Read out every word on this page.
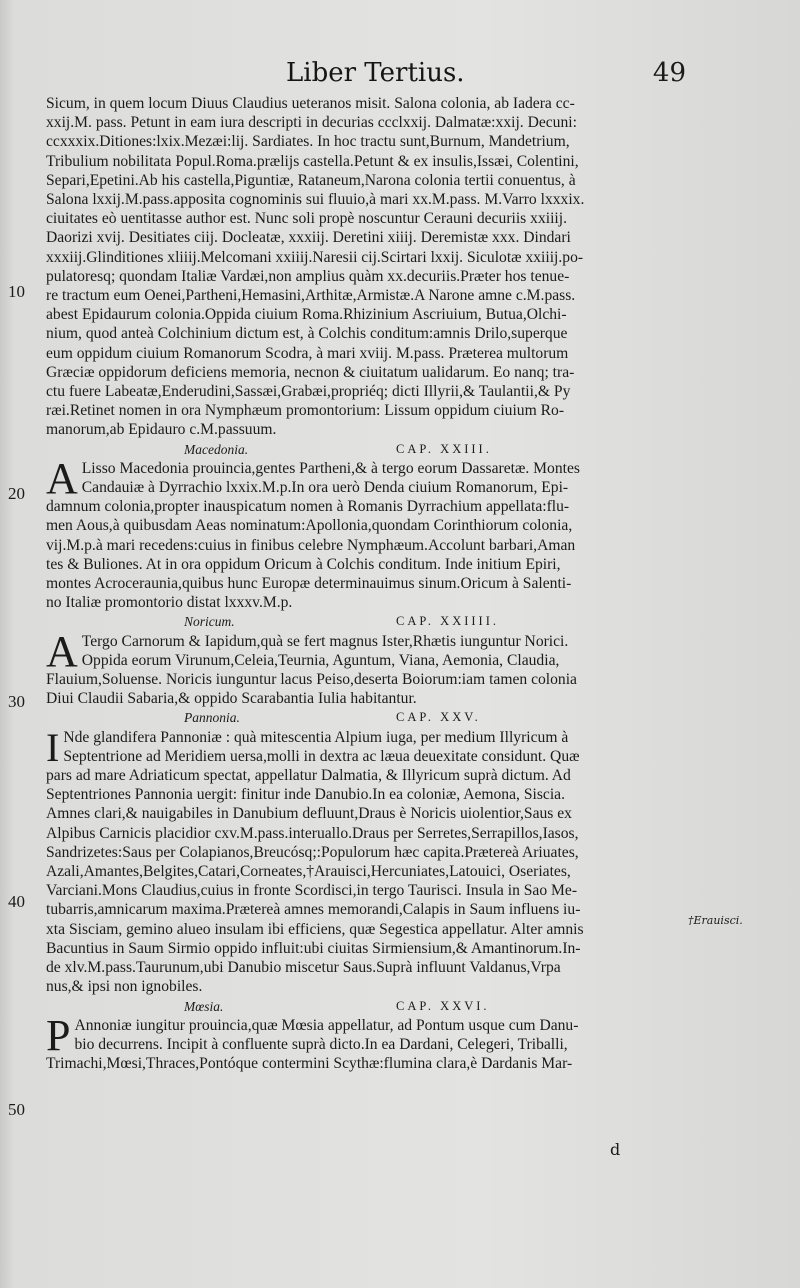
Liber Tertius.	49
10
20
30
40
50
†Erauisci.

Sicum, in quem locum Diuus Claudius ueteranos misit. Salona colonia, ab Iadera cc-
xxij.M. pass. Petunt in eam iura descripti in decurias ccclxxij. Dalmatæ:xxij. Decuni:
ccxxxix.Ditiones:lxix.Mezæi:lij. Sardiates. In hoc tractu sunt,Burnum, Mandetrium,
Tribulium nobilitata Popul.Roma.prælijs castella.Petunt & ex insulis,Issæi, Colentini,
Separi,Epetini.Ab his castella,Piguntiæ, Rataneum,Narona colonia tertii conuentus, à
Salona lxxij.M.pass.apposita cognominis sui fluuio,à mari xx.M.pass. M.Varro lxxxix.
ciuitates eò uentitasse author est. Nunc soli propè noscuntur Cerauni decuriis xxiiij.
Daorizi xvij. Desitiates ciij. Docleatæ, xxxiij. Deretini xiiij. Deremistæ xxx. Dindari
xxxiij.Glinditiones xliiij.Melcomani xxiiij.Naresii cij.Scirtari lxxij. Siculotæ xxiiij.po-
pulatoresq; quondam Italiæ Vardæi,non amplius quàm xx.decuriis.Præter hos tenue-
re tractum eum Oenei,Partheni,Hemasini,Arthitæ,Armistæ.A Narone amne c.M.pass.
abest Epidaurum colonia.Oppida ciuium Roma.Rhizinium Ascriuium, Butua,Olchi-
nium, quod anteà Colchinium dictum est, à Colchis conditum:amnis Drilo,superque
eum oppidum ciuium Romanorum Scodra, à mari xviij. M.pass. Præterea multorum
Græciæ oppidorum deficiens memoria, necnon & ciuitatum ualidarum. Eo nanq; tra-
ctu fuere Labeatæ,Enderudini,Sassæi,Grabæi,propriéq; dicti Illyrii,& Taulantii,& Py
ræi.Retinet nomen in ora Nymphæum promontorium: Lissum oppidum ciuium Ro-
manorum,ab Epidauro c.M.passuum.

Macedonia.	CAP. XXIII.

A Lisso Macedonia prouincia,gentes Partheni,& à tergo eorum Dassaretæ. Montes
Candauiæ à Dyrrachio lxxix.M.p.In ora uerò Denda ciuium Romanorum, Epi-
damnum colonia,propter inauspicatum nomen à Romanis Dyrrachium appellata:flu-
men Aous,à quibusdam Aeas nominatum:Apollonia,quondam Corinthiorum colonia,
vij.M.p.à mari recedens:cuius in finibus celebre Nymphæum.Accolunt barbari,Aman
tes & Buliones. At in ora oppidum Oricum à Colchis conditum. Inde initium Epiri,
montes Acroceraunia,quibus hunc Europæ determinauimus sinum.Oricum à Salenti-
no Italiæ promontorio distat lxxxv.M.p.

Noricum.	CAP. XXIIII.

A Tergo Carnorum & Iapidum,quà se fert magnus Ister,Rhætis iunguntur Norici.
Oppida eorum Virunum,Celeia,Teurnia, Aguntum, Viana, Aemonia, Claudia,
Flauium,Soluense. Noricis iunguntur lacus Peiso,deserta Boiorum:iam tamen colonia
Diui Claudii Sabaria,& oppido Scarabantia Iulia habitantur.

Pannonia.	CAP. XXV.

I Nde glandifera Pannoniæ : quà mitescentia Alpium iuga, per medium Illyricum à
Septentrione ad Meridiem uersa,molli in dextra ac læua deuexitate considunt. Quæ
pars ad mare Adriaticum spectat, appellatur Dalmatia, & Illyricum suprà dictum. Ad
Septentriones Pannonia uergit: finitur inde Danubio.In ea coloniæ, Aemona, Siscia.
Amnes clari,& nauigabiles in Danubium defluunt,Draus è Noricis uiolentior,Saus ex
Alpibus Carnicis placidior cxv.M.pass.interuallo.Draus per Serretes,Serrapillos,Iasos,
Sandrizetes:Saus per Colapianos,Breucósq;:Populorum hæc capita.Prætereà Ariuates,
Azali,Amantes,Belgites,Catari,Corneates,†Arauisci,Hercuniates,Latouici, Oseriates,
Varciani.Mons Claudius,cuius in fronte Scordisci,in tergo Taurisci. Insula in Sao Me-
tubarris,amnicarum maxima.Prætereà amnes memorandi,Calapis in Saum influens iu-
xta Sisciam, gemino alueo insulam ibi efficiens, quæ Segestica appellatur. Alter amnis
Bacuntius in Saum Sirmio oppido influit:ubi ciuitas Sirmiensium,& Amantinorum.In-
de xlv.M.pass.Taurunum,ubi Danubio miscetur Saus.Suprà influunt Valdanus,Vrpa
nus,& ipsi non ignobiles.

Mœsia.	CAP. XXVI.

P Annoniæ iungitur prouincia,quæ Mœsia appellatur, ad Pontum usque cum Danu-
bio decurrens. Incipit à confluente suprà dicto.In ea Dardani, Celegeri, Triballi,
Trimachi,Mœsi,Thraces,Pontóque contermini Scythæ:flumina clara,è Dardanis Mar-

d
